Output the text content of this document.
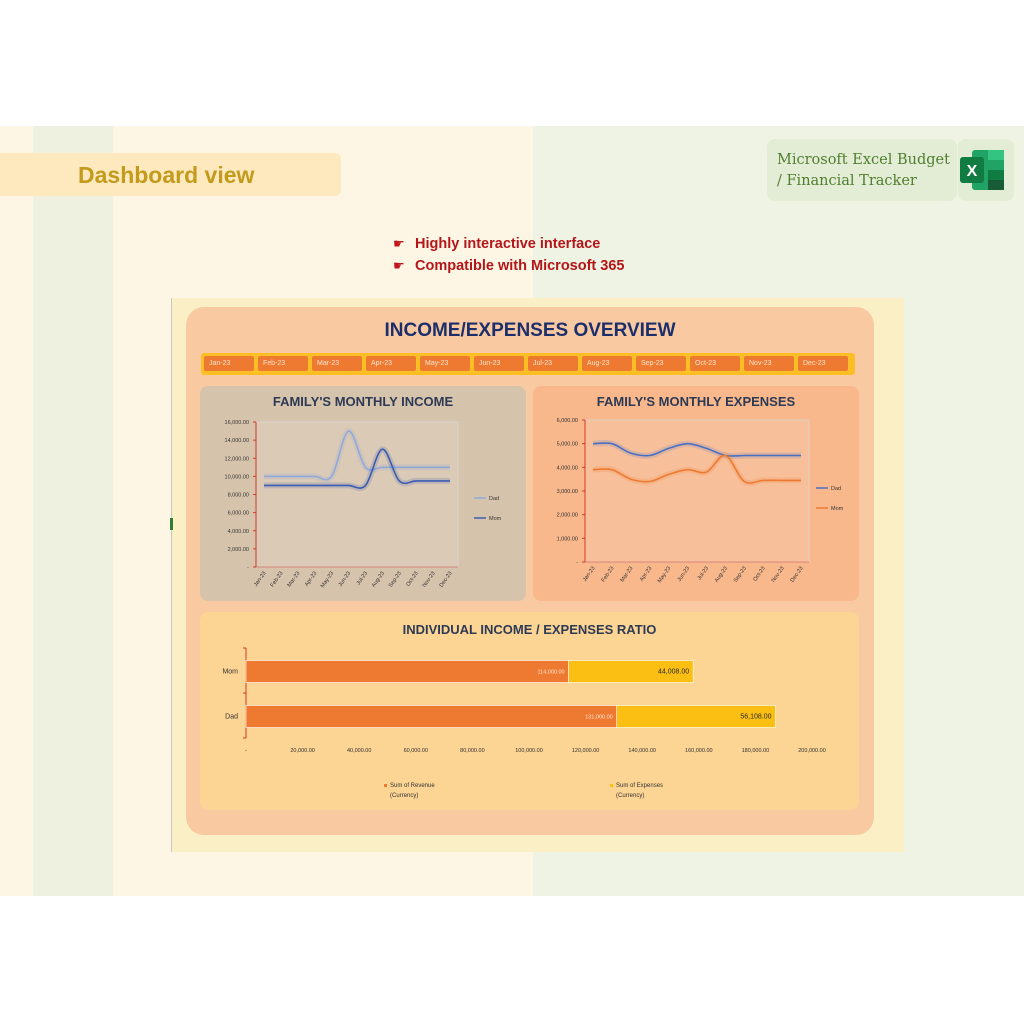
Dashboard view
Microsoft Excel Budget
/ Financial Tracker
X
☛ Highly interactive interface
☛ Compatible with Microsoft 365
INCOME/EXPENSES OVERVIEW
Jan-23	Feb-23	Mar-23	Apr-23	May-23	Jun-23	Jul-23	Aug-23	Sep-23	Oct-23	Nov-23	Dec-23
FAMILY'S MONTHLY INCOME
-
2,000.00
4,000.00
6,000.00
8,000.00
10,000.00
12,000.00
14,000.00
16,000.00
Jan-23 Feb-23 Mar-23 Apr-23 May-23 Jun-23 Jul-23 Aug-23 Sep-23 Oct-23 Nov-23 Dec-23
Dad
Mom
FAMILY'S MONTHLY EXPENSES
-
1,000.00
2,000.00
3,000.00
4,000.00
5,000.00
6,000.00
Jan-23 Feb-23 Mar-23 Apr-23 May-23 Jun-23 Jul-23 Aug-23 Sep-23 Oct-23 Nov-23 Dec-23
Dad
Mom
INDIVIDUAL INCOME / EXPENSES RATIO
Mom	114,000.00	44,008.00
Dad	131,000.00	56,108.00
-	20,000.00	40,000.00	60,000.00	80,000.00	100,000.00	120,000.00	140,000.00	160,000.00	180,000.00	200,000.00
Sum of Revenue
(Currency)
Sum of Expenses
(Currency)
